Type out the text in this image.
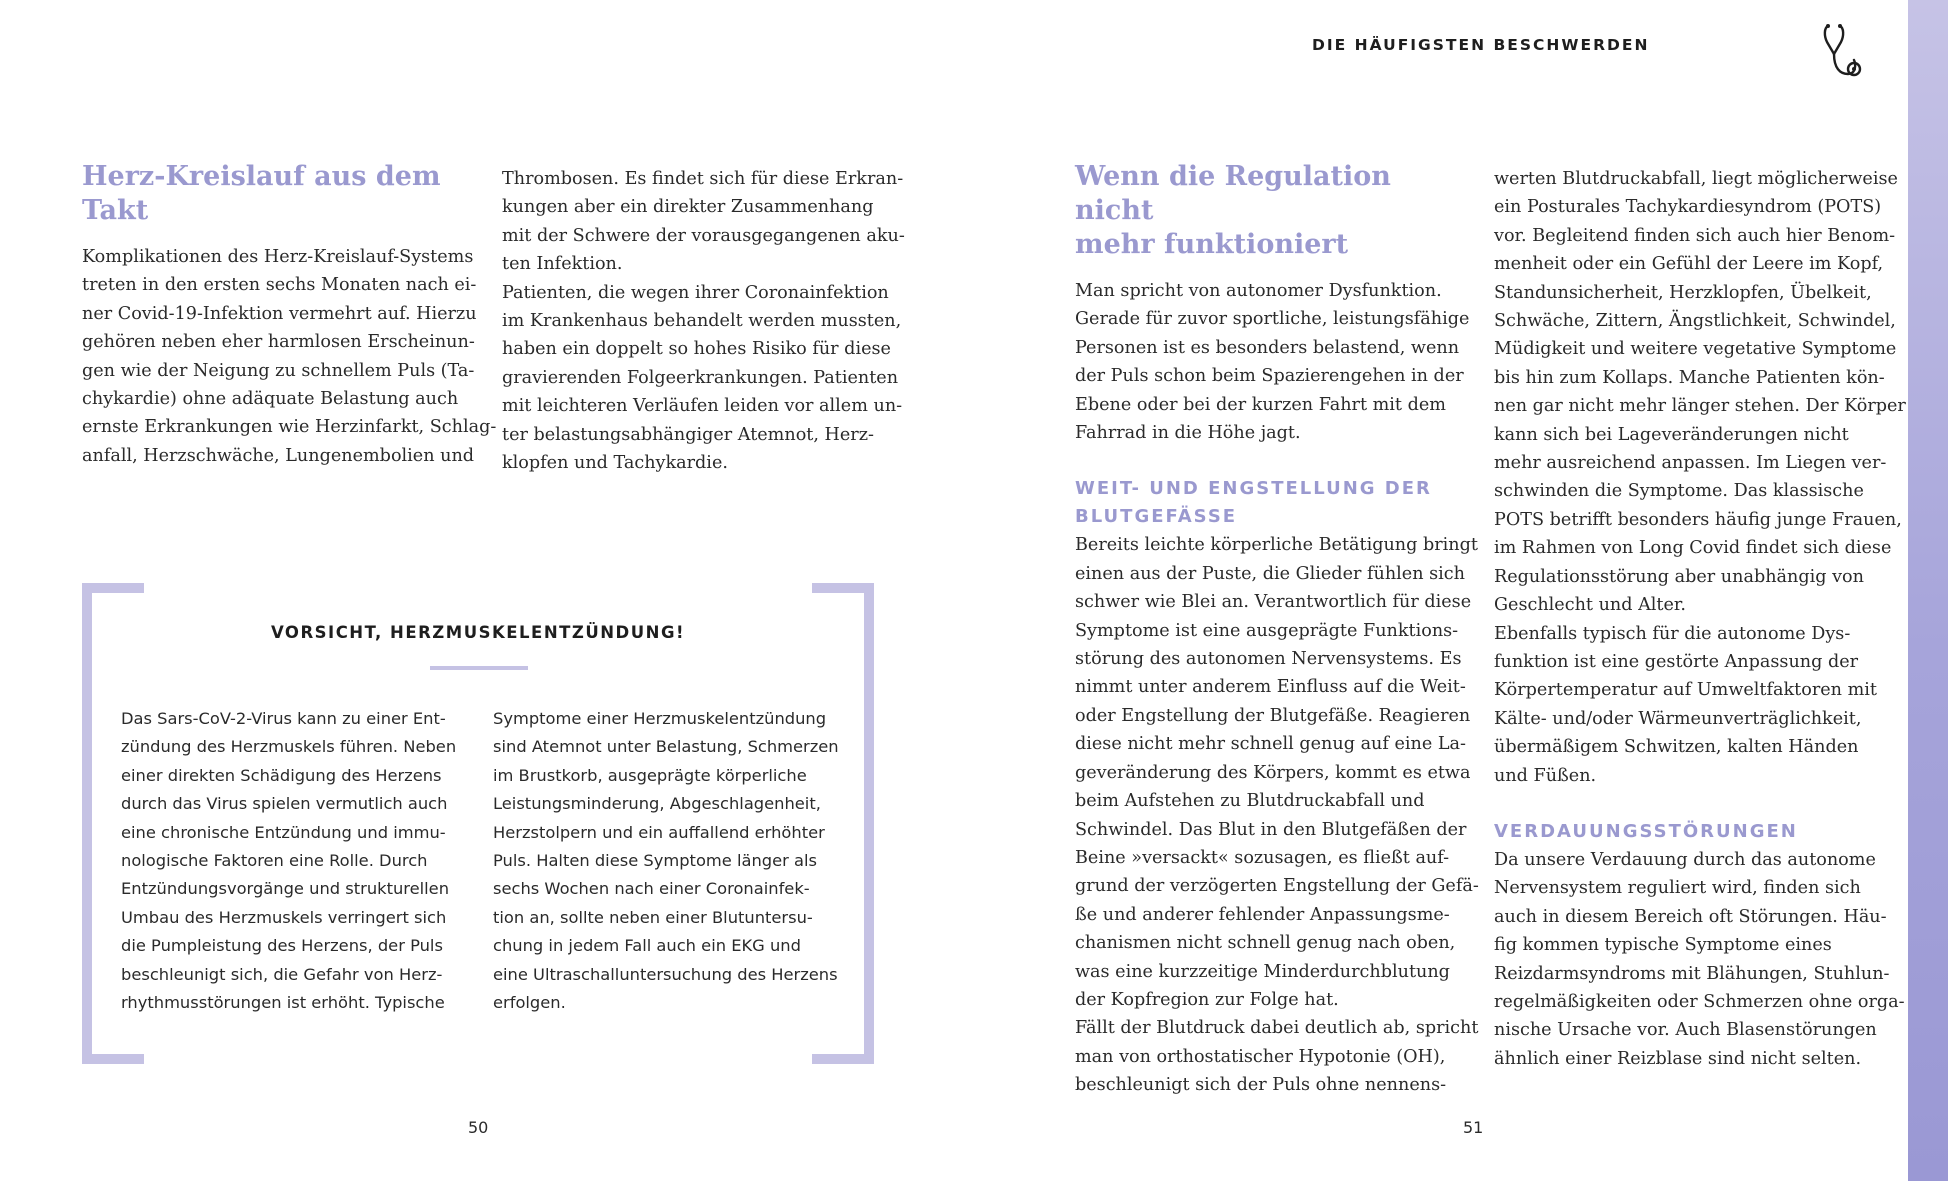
DIE HÄUFIGSTEN BESCHWERDEN
Herz-Kreislauf aus dem
Takt
Komplikationen des Herz-Kreislauf-Systems
treten in den ersten sechs Monaten nach ei-
ner Covid-19-Infektion vermehrt auf. Hierzu
gehören neben eher harmlosen Erscheinun-
gen wie der Neigung zu schnellem Puls (Ta-
chykardie) ohne adäquate Belastung auch
ernste Erkrankungen wie Herzinfarkt, Schlag-
anfall, Herzschwäche, Lungenembolien und
Thrombosen. Es findet sich für diese Erkran-
kungen aber ein direkter Zusammenhang
mit der Schwere der vorausgegangenen aku-
ten Infektion.
Patienten, die wegen ihrer Coronainfektion
im Krankenhaus behandelt werden mussten,
haben ein doppelt so hohes Risiko für diese
gravierenden Folgeerkrankungen. Patienten
mit leichteren Verläufen leiden vor allem un-
ter belastungsabhängiger Atemnot, Herz-
klopfen und Tachykardie.
VORSICHT, HERZMUSKELENTZÜNDUNG!
Das Sars-CoV-2-Virus kann zu einer Ent-
zündung des Herzmuskels führen. Neben
einer direkten Schädigung des Herzens
durch das Virus spielen vermutlich auch
eine chronische Entzündung und immu-
nologische Faktoren eine Rolle. Durch
Entzündungsvorgänge und strukturellen
Umbau des Herzmuskels verringert sich
die Pumpleistung des Herzens, der Puls
beschleunigt sich, die Gefahr von Herz-
rhythmusstörungen ist erhöht. Typische
Symptome einer Herzmuskelentzündung
sind Atemnot unter Belastung, Schmerzen
im Brustkorb, ausgeprägte körperliche
Leistungsminderung, Abgeschlagenheit,
Herzstolpern und ein auffallend erhöhter
Puls. Halten diese Symptome länger als
sechs Wochen nach einer Coronainfek-
tion an, sollte neben einer Blutuntersu-
chung in jedem Fall auch ein EKG und
eine Ultraschalluntersuchung des Herzens
erfolgen.
50
Wenn die Regulation nicht
mehr funktioniert
Man spricht von autonomer Dysfunktion.
Gerade für zuvor sportliche, leistungsfähige
Personen ist es besonders belastend, wenn
der Puls schon beim Spazierengehen in der
Ebene oder bei der kurzen Fahrt mit dem
Fahrrad in die Höhe jagt.
WEIT- UND ENGSTELLUNG DER
BLUTGEFÄSSE
Bereits leichte körperliche Betätigung bringt
einen aus der Puste, die Glieder fühlen sich
schwer wie Blei an. Verantwortlich für diese
Symptome ist eine ausgeprägte Funktions-
störung des autonomen Nervensystems. Es
nimmt unter anderem Einfluss auf die Weit-
oder Engstellung der Blutgefäße. Reagieren
diese nicht mehr schnell genug auf eine La-
geveränderung des Körpers, kommt es etwa
beim Aufstehen zu Blutdruckabfall und
Schwindel. Das Blut in den Blutgefäßen der
Beine »versackt« sozusagen, es fließt auf-
grund der verzögerten Engstellung der Gefä-
ße und anderer fehlender Anpassungsme-
chanismen nicht schnell genug nach oben,
was eine kurzzeitige Minderdurchblutung
der Kopfregion zur Folge hat.
Fällt der Blutdruck dabei deutlich ab, spricht
man von orthostatischer Hypotonie (OH),
beschleunigt sich der Puls ohne nennens-
werten Blutdruckabfall, liegt möglicherweise
ein Posturales Tachykardiesyndrom (POTS)
vor. Begleitend finden sich auch hier Benom-
menheit oder ein Gefühl der Leere im Kopf,
Standunsicherheit, Herzklopfen, Übelkeit,
Schwäche, Zittern, Ängstlichkeit, Schwindel,
Müdigkeit und weitere vegetative Symptome
bis hin zum Kollaps. Manche Patienten kön-
nen gar nicht mehr länger stehen. Der Körper
kann sich bei Lageveränderungen nicht
mehr ausreichend anpassen. Im Liegen ver-
schwinden die Symptome. Das klassische
POTS betrifft besonders häufig junge Frauen,
im Rahmen von Long Covid findet sich diese
Regulationsstörung aber unabhängig von
Geschlecht und Alter.
Ebenfalls typisch für die autonome Dys-
funktion ist eine gestörte Anpassung der
Körpertemperatur auf Umweltfaktoren mit
Kälte- und/oder Wärmeunverträglichkeit,
übermäßigem Schwitzen, kalten Händen
und Füßen.
VERDAUUNGSSTÖRUNGEN
Da unsere Verdauung durch das autonome
Nervensystem reguliert wird, finden sich
auch in diesem Bereich oft Störungen. Häu-
fig kommen typische Symptome eines
Reizdarmsyndroms mit Blähungen, Stuhlun-
regelmäßigkeiten oder Schmerzen ohne orga-
nische Ursache vor. Auch Blasenstörungen
ähnlich einer Reizblase sind nicht selten.
51
